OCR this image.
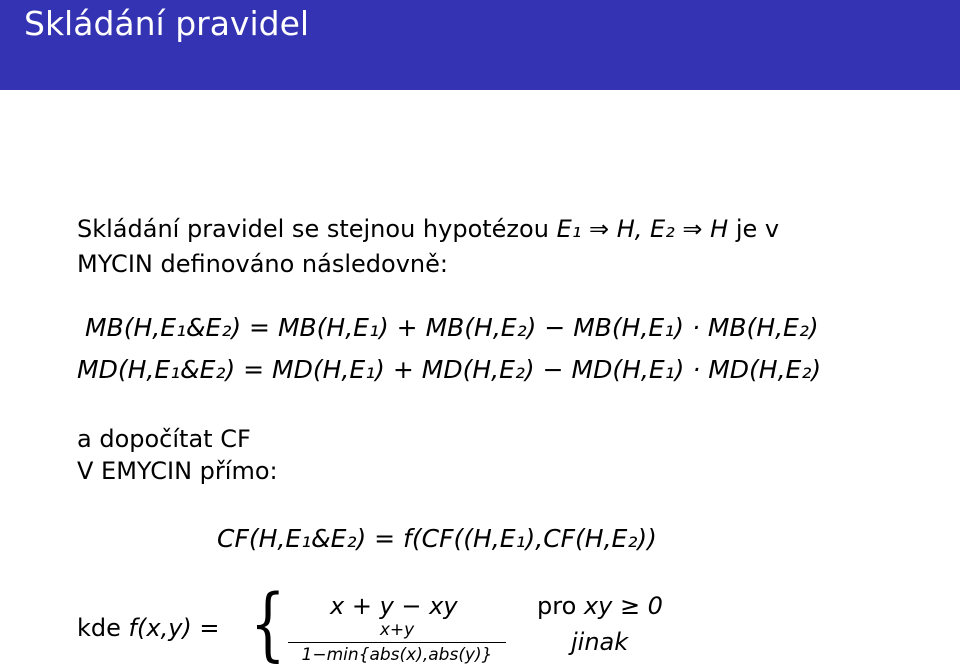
Skládání pravidel
Skládání pravidel se stejnou hypotézou E₁ ⇒ H, E₂ ⇒ H je v
MYCIN definováno následovně:
MB(H,E₁&E₂) = MB(H,E₁) + MB(H,E₂) − MB(H,E₁) · MB(H,E₂)
MD(H,E₁&E₂) = MD(H,E₁) + MD(H,E₂) − MD(H,E₁) · MD(H,E₂)
a dopočítat CF
V EMYCIN přímo:
CF(H,E₁&E₂) = f(CF((H,E₁),CF(H,E₂))
kde f(x,y) = { x + y − xy	pro xy ≥ 0
x+y
1−min{abs(x),abs(y)}	jinak
